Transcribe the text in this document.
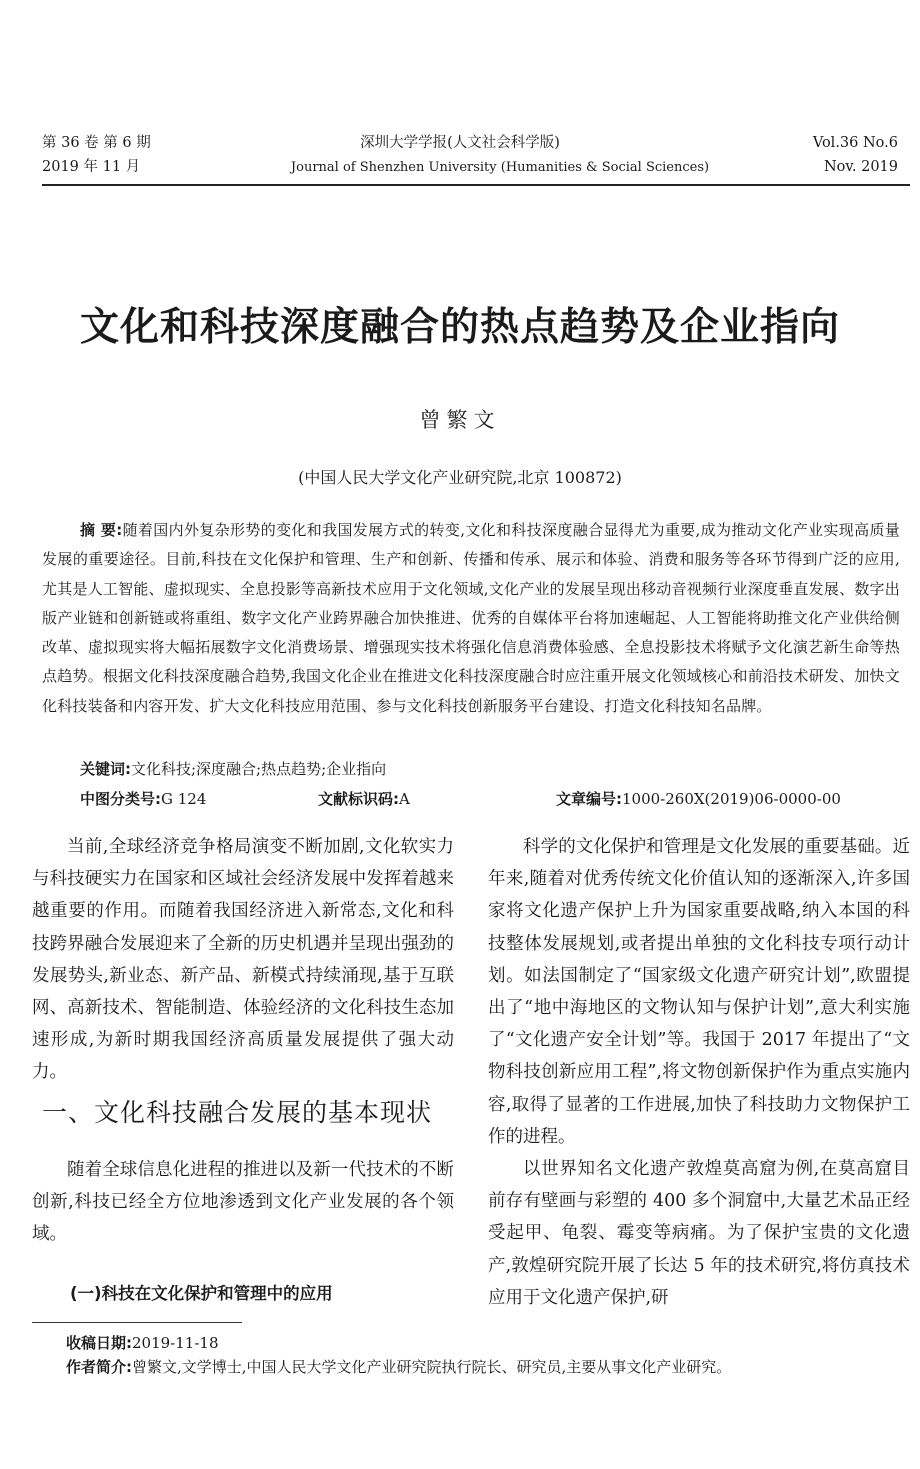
第 36 卷 第 6 期
2019 年 11 月
深圳大学学报(人文社会科学版)
Journal of Shenzhen University (Humanities & Social Sciences)
Vol.36 No.6
Nov. 2019
文化和科技深度融合的热点趋势及企业指向
曾繁文
(中国人民大学文化产业研究院,北京 100872)
摘 要:随着国内外复杂形势的变化和我国发展方式的转变,文化和科技深度融合显得尤为重要,成为推动文化产业实现高质量发展的重要途径。目前,科技在文化保护和管理、生产和创新、传播和传承、展示和体验、消费和服务等各环节得到广泛的应用,尤其是人工智能、虚拟现实、全息投影等高新技术应用于文化领域,文化产业的发展呈现出移动音视频行业深度垂直发展、数字出版产业链和创新链或将重组、数字文化产业跨界融合加快推进、优秀的自媒体平台将加速崛起、人工智能将助推文化产业供给侧改革、虚拟现实将大幅拓展数字文化消费场景、增强现实技术将强化信息消费体验感、全息投影技术将赋予文化演艺新生命等热点趋势。根据文化科技深度融合趋势,我国文化企业在推进文化科技深度融合时应注重开展文化领域核心和前沿技术研发、加快文化科技装备和内容开发、扩大文化科技应用范围、参与文化科技创新服务平台建设、打造文化科技知名品牌。
关键词:文化科技;深度融合;热点趋势;企业指向
中图分类号:G 124	文献标识码:A	文章编号:1000-260X(2019)06-0000-00

当前,全球经济竞争格局演变不断加剧,文化软实力与科技硬实力在国家和区域社会经济发展中发挥着越来越重要的作用。而随着我国经济进入新常态,文化和科技跨界融合发展迎来了全新的历史机遇并呈现出强劲的发展势头,新业态、新产品、新模式持续涌现,基于互联网、高新技术、智能制造、体验经济的文化科技生态加速形成,为新时期我国经济高质量发展提供了强大动力。

一、文化科技融合发展的基本现状

随着全球信息化进程的推进以及新一代技术的不断创新,科技已经全方位地渗透到文化产业发展的各个领域。

(一)科技在文化保护和管理中的应用

科学的文化保护和管理是文化发展的重要基础。近年来,随着对优秀传统文化价值认知的逐渐深入,许多国家将文化遗产保护上升为国家重要战略,纳入本国的科技整体发展规划,或者提出单独的文化科技专项行动计划。如法国制定了“国家级文化遗产研究计划”,欧盟提出了“地中海地区的文物认知与保护计划”,意大利实施了“文化遗产安全计划”等。我国于 2017 年提出了“文物科技创新应用工程”,将文物创新保护作为重点实施内容,取得了显著的工作进展,加快了科技助力文物保护工作的进程。

以世界知名文化遗产敦煌莫高窟为例,在莫高窟目前存有壁画与彩塑的 400 多个洞窟中,大量艺术品正经受起甲、龟裂、霉变等病痛。为了保护宝贵的文化遗产,敦煌研究院开展了长达 5 年的技术研究,将仿真技术应用于文化遗产保护,研

收稿日期:2019-11-18
作者简介:曾繁文,文学博士,中国人民大学文化产业研究院执行院长、研究员,主要从事文化产业研究。
